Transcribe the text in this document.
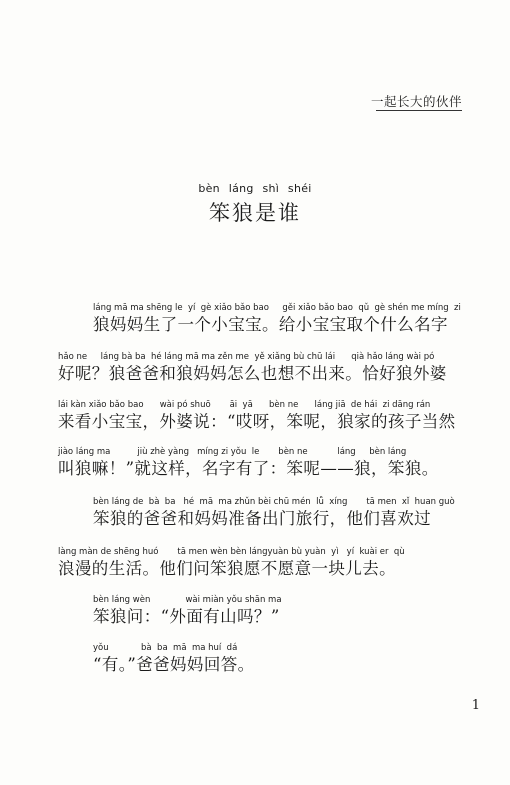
一起长大的伙伴
bèn láng shì shéi
笨狼是谁
láng mā ma shēng le  yí  gè xiǎo bǎo bao     gěi xiǎo bǎo bao  qǔ  gè shén me míng  zi
狼妈妈生了一个小宝宝。给小宝宝取个什么名字
hǎo ne     láng bà ba  hé láng mā ma zěn me  yě xiǎng bù chū lái      qià hǎo láng wài pó
好呢？狼爸爸和狼妈妈怎么也想不出来。恰好狼外婆
lái kàn xiǎo bǎo bao      wài pó shuō       āi  yā      bèn ne      láng jiā  de hái  zi dāng rán
来看小宝宝，外婆说：“哎呀，笨呢，狼家的孩子当然
jiào láng ma          jiù zhè yàng   míng zi yǒu  le       bèn ne           láng     bèn láng
叫狼嘛！”就这样，名字有了：笨呢——狼，笨狼。
bèn láng de  bà  ba   hé  mā  ma zhǔn bèi chū mén  lǚ  xíng       tā men  xǐ  huan guò
笨狼的爸爸和妈妈准备出门旅行，他们喜欢过
làng màn de shēng huó       tā men wèn bèn lángyuàn bù yuàn  yì   yí  kuài er  qù
浪漫的生活。他们问笨狼愿不愿意一块儿去。
bèn láng wèn             wài miàn yǒu shān ma
笨狼问：“外面有山吗？”
yǒu            bà  ba  mā  ma huí  dá
“有。”爸爸妈妈回答。
1
